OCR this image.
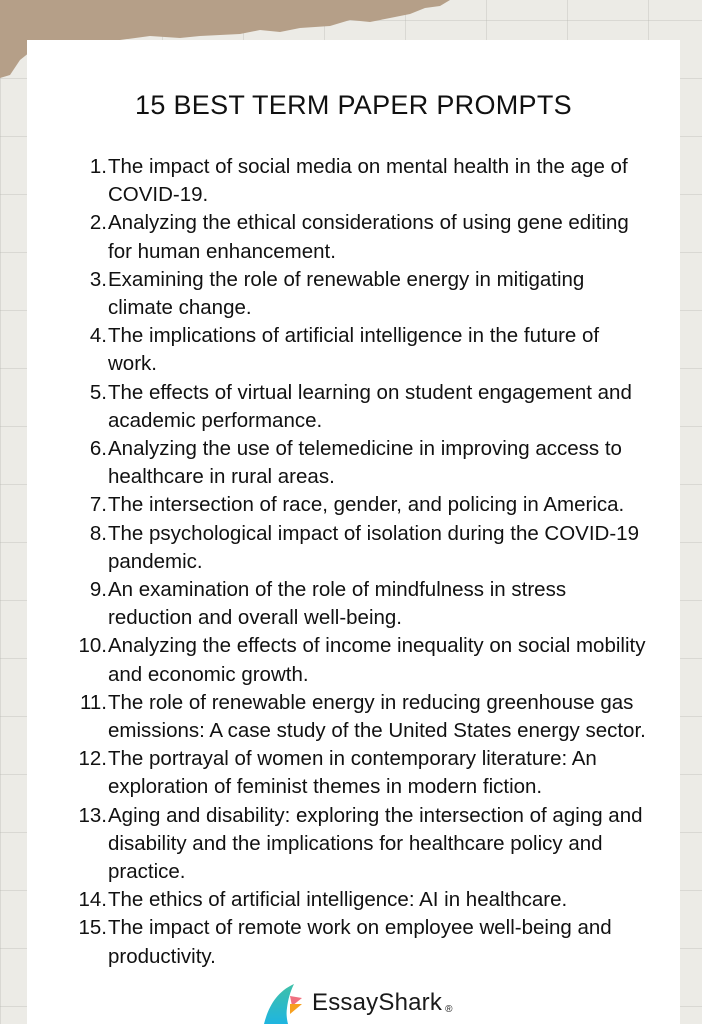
15 BEST TERM PAPER PROMPTS
1. The impact of social media on mental health in the age of COVID-19.
2. Analyzing the ethical considerations of using gene editing for human enhancement.
3. Examining the role of renewable energy in mitigating climate change.
4. The implications of artificial intelligence in the future of work.
5. The effects of virtual learning on student engagement and academic performance.
6. Analyzing the use of telemedicine in improving access to healthcare in rural areas.
7. The intersection of race, gender, and policing in America.
8. The psychological impact of isolation during the COVID-19 pandemic.
9. An examination of the role of mindfulness in stress reduction and overall well-being.
10. Analyzing the effects of income inequality on social mobility and economic growth.
11. The role of renewable energy in reducing greenhouse gas emissions: A case study of the United States energy sector.
12. The portrayal of women in contemporary literature: An exploration of feminist themes in modern fiction.
13. Aging and disability: exploring the intersection of aging and disability and the implications for healthcare policy and practice.
14. The ethics of artificial intelligence: AI in healthcare.
15. The impact of remote work on employee well-being and productivity.
EssayShark ®
